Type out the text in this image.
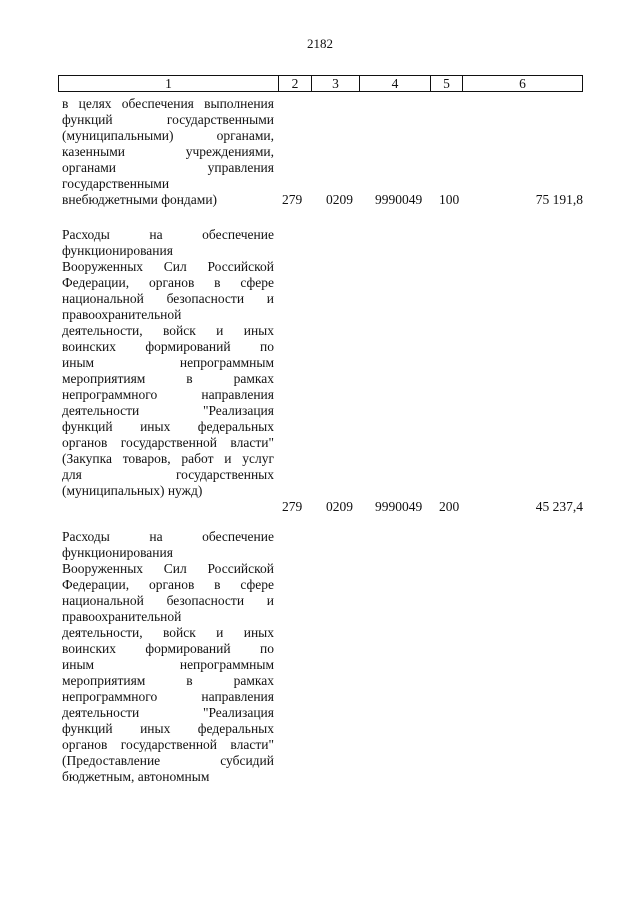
2182
1	2	3	4	5	6
в целях обеспечения выполнения
функций государственными
(муниципальными) органами,
казенными учреждениями,
органами управления
государственными
внебюджетными фондами)	279 0209 9990049 100	75 191,8
Расходы на обеспечение
функционирования
Вооруженных Сил Российской
Федерации, органов в сфере
национальной безопасности и
правоохранительной
деятельности, войск и иных
воинских формирований по
иным непрограммным
мероприятиям в рамках
непрограммного направления
деятельности "Реализация
функций иных федеральных
органов государственной власти"
(Закупка товаров, работ и услуг
для государственных
(муниципальных) нужд)
279 0209 9990049 200	45 237,4
Расходы на обеспечение
функционирования
Вооруженных Сил Российской
Федерации, органов в сфере
национальной безопасности и
правоохранительной
деятельности, войск и иных
воинских формирований по
иным непрограммным
мероприятиям в рамках
непрограммного направления
деятельности "Реализация
функций иных федеральных
органов государственной власти"
(Предоставление субсидий
бюджетным, автономным
